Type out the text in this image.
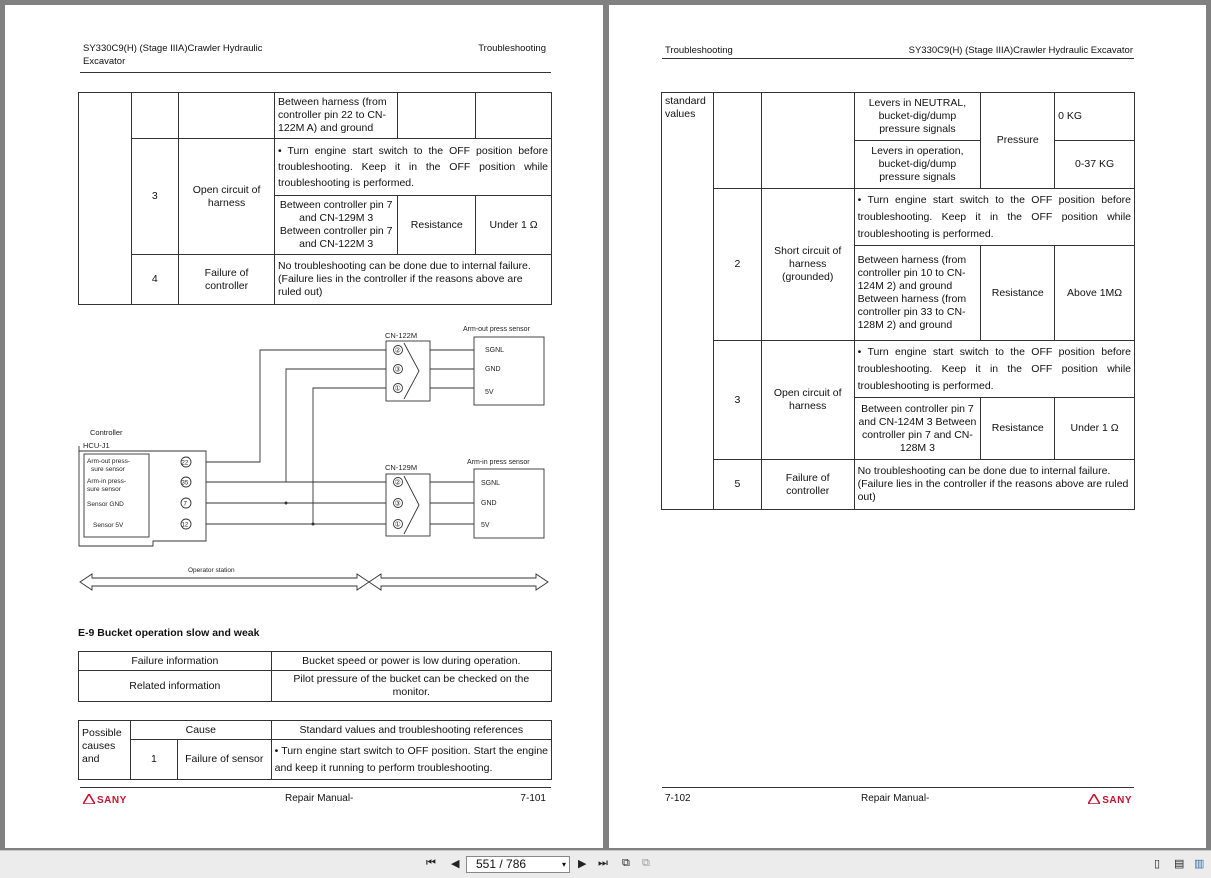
SY330C9(H) (Stage IIIA)Crawler Hydraulic
Excavator
Troubleshooting
			Between harness (from controller pin 22 to CN-122M A) and ground		
	3	Open circuit of harness	• Turn engine start switch to the OFF position before troubleshooting. Keep it in the OFF position while troubleshooting is performed.
			Between controller pin 7 and CN-129M 3 Between controller pin 7 and CN-122M 3	Resistance	Under 1 Ω
	4	Failure of controller	No troubleshooting can be done due to internal failure. (Failure lies in the controller if the reasons above are ruled out)		
CN-122M
CN-129M
Arm-out press sensor
Arm-in press sensor
SGNL
GND
5V
SGNL
GND
5V
②
③
①
②
③
①
Controller
HCU-J1
Arm-out press-
sure sensor
Arm-in press-
sure sensor
Sensor GND
Sensor 5V
22
35
7
12
Operator station
E-9 Bucket operation slow and weak
Failure information	Bucket speed or power is low during operation.
Related information	Pilot pressure of the bucket can be checked on the monitor.
Possible causes and	Cause		Standard values and troubleshooting references
	1	Failure of sensor	• Turn engine start switch to OFF position. Start the engine and keep it running to perform troubleshooting.
SANY	Repair Manual-	7-101
Troubleshooting	SY330C9(H) (Stage IIIA)Crawler Hydraulic Excavator
standard values			Levers in NEUTRAL, bucket-dig/dump pressure signals	Pressure	0 KG
			Levers in operation, bucket-dig/dump pressure signals		0-37 KG
	2	Short circuit of harness (grounded)	• Turn engine start switch to the OFF position before troubleshooting. Keep it in the OFF position while troubleshooting is performed.
			Between harness (from controller pin 10 to CN-124M 2) and ground Between harness (from controller pin 33 to CN-128M 2) and ground	Resistance	Above 1MΩ
	3	Open circuit of harness	• Turn engine start switch to the OFF position before troubleshooting. Keep it in the OFF position while troubleshooting is performed.
			Between controller pin 7 and CN-124M 3 Between controller pin 7 and CN-128M 3	Resistance	Under 1 Ω
	5	Failure of controller	No troubleshooting can be done due to internal failure. (Failure lies in the controller if the reasons above are ruled out)		
7-102	Repair Manual-	SANY
⏮ ◀ 551 / 786	▾ ▶ ⏭ ⧉ ⧉	▯ ▤ ▥
